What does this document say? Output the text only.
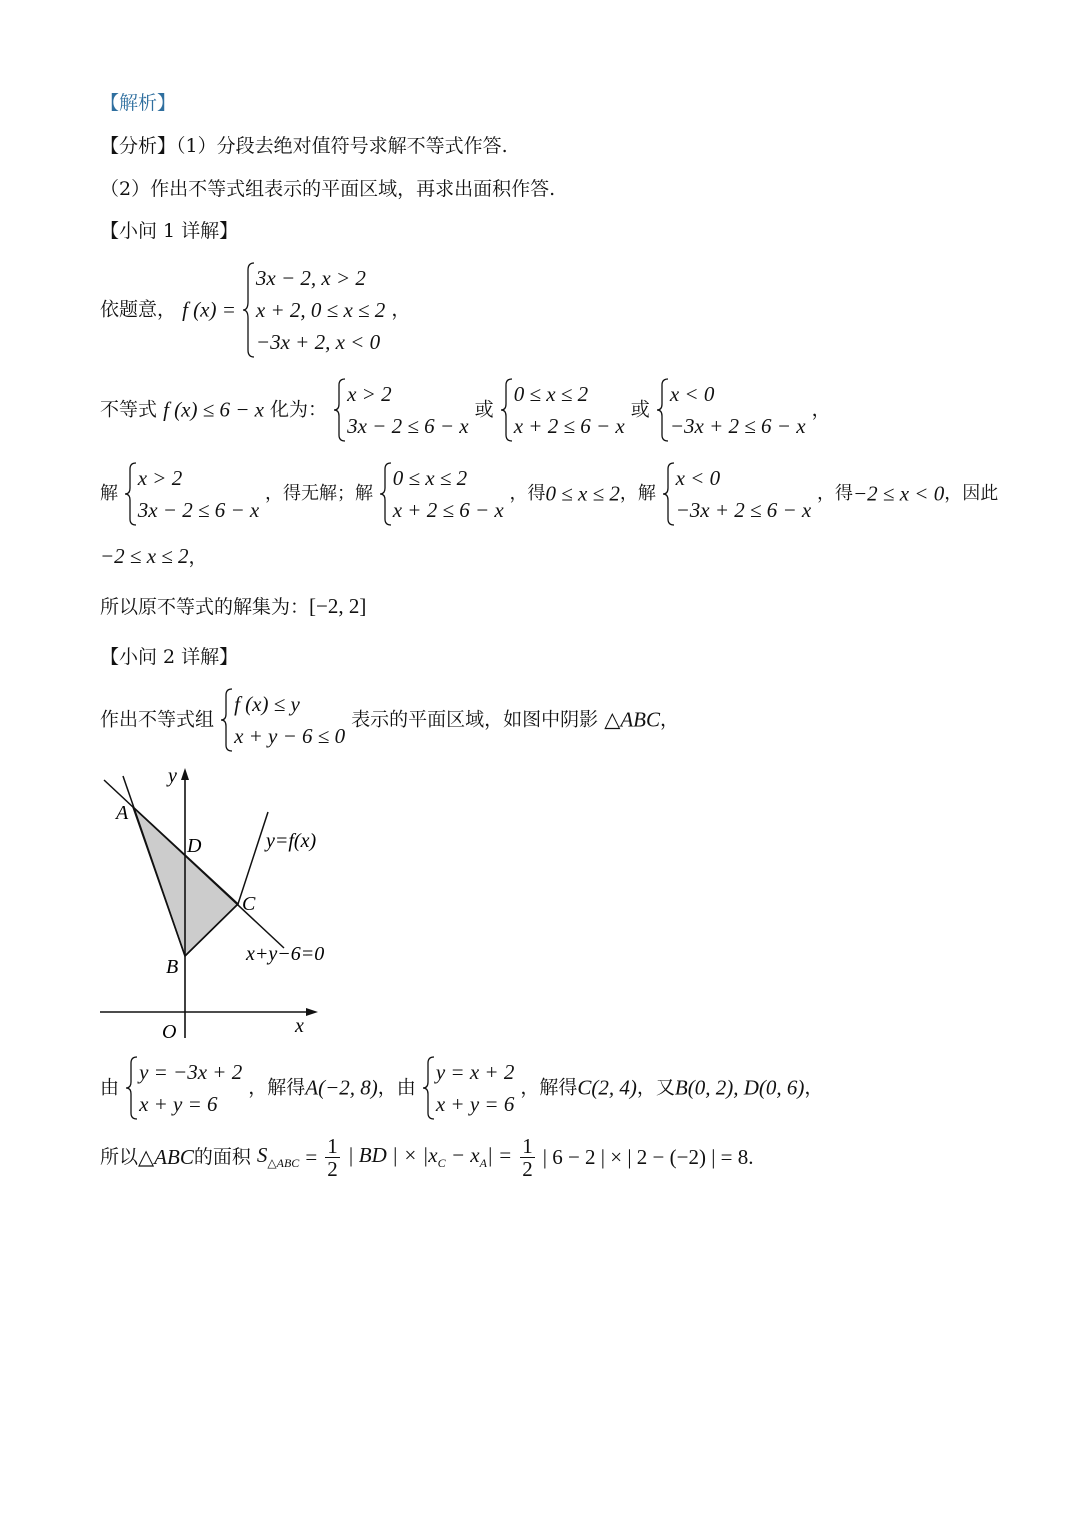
【解析】
【分析】（1）分段去绝对值符号求解不等式作答.
（2）作出不等式组表示的平面区域，再求出面积作答.
【小问 1 详解】
依题意， f (x) =
3x − 2, x > 2
x + 2, 0 ≤ x ≤ 2
−3x + 2, x < 0
，
不等式 f (x) ≤ 6 − x 化为：
x > 2
3x − 2 ≤ 6 − x
或
0 ≤ x ≤ 2
x + 2 ≤ 6 − x
或
x < 0
−3x + 2 ≤ 6 − x
，
解
x > 2
3x − 2 ≤ 6 − x
，得无解；解
0 ≤ x ≤ 2
x + 2 ≤ 6 − x
，得0 ≤ x ≤ 2，解
x < 0
−3x + 2 ≤ 6 − x
，得−2 ≤ x < 0，因此
−2 ≤ x ≤ 2，
所以原不等式的解集为：[−2, 2]
【小问 2 详解】
作出不等式组
f (x) ≤ y
x + y − 6 ≤ 0
表示的平面区域，如图中阴影 △ABC，
y
x
O
A
D
C
B
y=f(x)
x+y−6=0
由
y = −3x + 2
x + y = 6
，解得A(−2, 8)，由
y = x + 2
x + y = 6
，解得C(2, 4)，又B(0, 2), D(0, 6)，
所以△ABC的面积 $S_{\triangle ABC} = \frac{1}{2}$ | BD | × $|x_C - x_A| = \frac{1}{2}$ | 6 − 2 | × | 2 − (−2) | = 8.
